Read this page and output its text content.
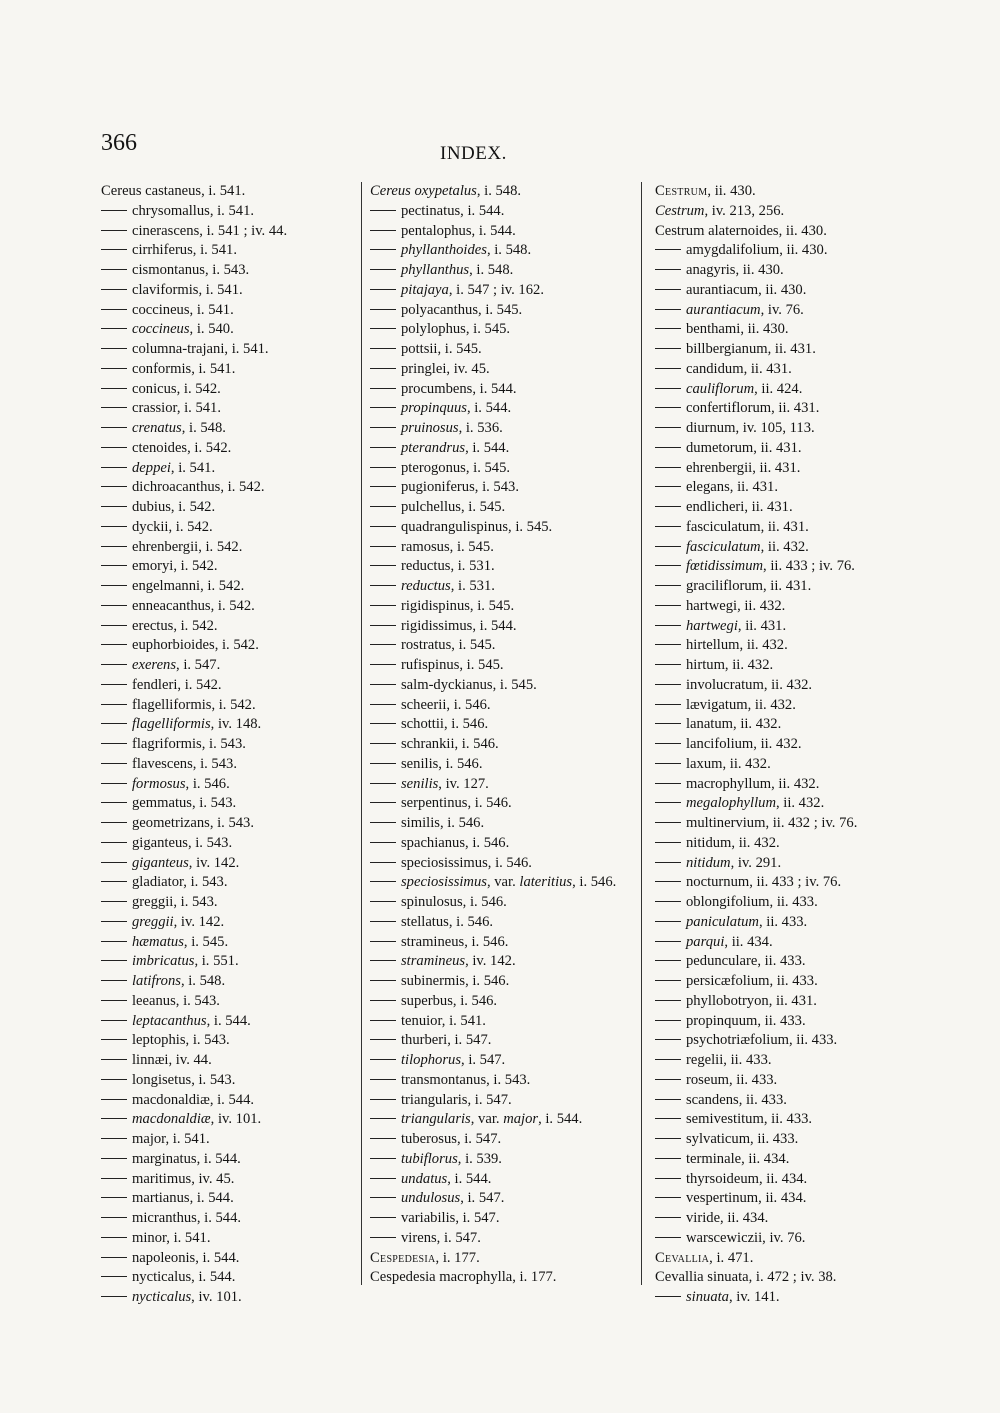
366	INDEX.
Cereus castaneus, i. 541.
chrysomallus, i. 541.
cinerascens, i. 541 ; iv. 44.
cirrhiferus, i. 541.
cismontanus, i. 543.
claviformis, i. 541.
coccineus, i. 541.
coccineus, i. 540.
columna-trajani, i. 541.
conformis, i. 541.
conicus, i. 542.
crassior, i. 541.
crenatus, i. 548.
ctenoides, i. 542.
deppei, i. 541.
dichroacanthus, i. 542.
dubius, i. 542.
dyckii, i. 542.
ehrenbergii, i. 542.
emoryi, i. 542.
engelmanni, i. 542.
enneacanthus, i. 542.
erectus, i. 542.
euphorbioides, i. 542.
exerens, i. 547.
fendleri, i. 542.
flagelliformis, i. 542.
flagelliformis, iv. 148.
flagriformis, i. 543.
flavescens, i. 543.
formosus, i. 546.
gemmatus, i. 543.
geometrizans, i. 543.
giganteus, i. 543.
giganteus, iv. 142.
gladiator, i. 543.
greggii, i. 543.
greggii, iv. 142.
hæmatus, i. 545.
imbricatus, i. 551.
latifrons, i. 548.
leeanus, i. 543.
leptacanthus, i. 544.
leptophis, i. 543.
linnæi, iv. 44.
longisetus, i. 543.
macdonaldiæ, i. 544.
macdonaldiæ, iv. 101.
major, i. 541.
marginatus, i. 544.
maritimus, iv. 45.
martianus, i. 544.
micranthus, i. 544.
minor, i. 541.
napoleonis, i. 544.
nycticalus, i. 544.
nycticalus, iv. 101.
Cereus oxypetalus, i. 548.
pectinatus, i. 544.
pentalophus, i. 544.
phyllanthoides, i. 548.
phyllanthus, i. 548.
pitajaya, i. 547 ; iv. 162.
polyacanthus, i. 545.
polylophus, i. 545.
pottsii, i. 545.
pringlei, iv. 45.
procumbens, i. 544.
propinquus, i. 544.
pruinosus, i. 536.
pterandrus, i. 544.
pterogonus, i. 545.
pugioniferus, i. 543.
pulchellus, i. 545.
quadrangulispinus, i. 545.
ramosus, i. 545.
reductus, i. 531.
reductus, i. 531.
rigidispinus, i. 545.
rigidissimus, i. 544.
rostratus, i. 545.
rufispinus, i. 545.
salm-dyckianus, i. 545.
scheerii, i. 546.
schottii, i. 546.
schrankii, i. 546.
senilis, i. 546.
senilis, iv. 127.
serpentinus, i. 546.
similis, i. 546.
spachianus, i. 546.
speciosissimus, i. 546.
speciosissimus, var. lateritius, i. 546.
spinulosus, i. 546.
stellatus, i. 546.
stramineus, i. 546.
stramineus, iv. 142.
subinermis, i. 546.
superbus, i. 546.
tenuior, i. 541.
thurberi, i. 547.
tilophorus, i. 547.
transmontanus, i. 543.
triangularis, i. 547.
triangularis, var. major, i. 544.
tuberosus, i. 547.
tubiflorus, i. 539.
undatus, i. 544.
undulosus, i. 547.
variabilis, i. 547.
virens, i. 547.
Cespedesia, i. 177.
Cespedesia macrophylla, i. 177.
Cestrum, ii. 430.
Cestrum, iv. 213, 256.
Cestrum alaternoides, ii. 430.
amygdalifolium, ii. 430.
anagyris, ii. 430.
aurantiacum, ii. 430.
aurantiacum, iv. 76.
benthami, ii. 430.
billbergianum, ii. 431.
candidum, ii. 431.
cauliflorum, ii. 424.
confertiflorum, ii. 431.
diurnum, iv. 105, 113.
dumetorum, ii. 431.
ehrenbergii, ii. 431.
elegans, ii. 431.
endlicheri, ii. 431.
fasciculatum, ii. 431.
fasciculatum, ii. 432.
fœtidissimum, ii. 433 ; iv. 76.
graciliflorum, ii. 431.
hartwegi, ii. 432.
hartwegi, ii. 431.
hirtellum, ii. 432.
hirtum, ii. 432.
involucratum, ii. 432.
lævigatum, ii. 432.
lanatum, ii. 432.
lancifolium, ii. 432.
laxum, ii. 432.
macrophyllum, ii. 432.
megalophyllum, ii. 432.
multinervium, ii. 432 ; iv. 76.
nitidum, ii. 432.
nitidum, iv. 291.
nocturnum, ii. 433 ; iv. 76.
oblongifolium, ii. 433.
paniculatum, ii. 433.
parqui, ii. 434.
pedunculare, ii. 433.
persicæfolium, ii. 433.
phyllobotryon, ii. 431.
propinquum, ii. 433.
psychotriæfolium, ii. 433.
regelii, ii. 433.
roseum, ii. 433.
scandens, ii. 433.
semivestitum, ii. 433.
sylvaticum, ii. 433.
terminale, ii. 434.
thyrsoideum, ii. 434.
vespertinum, ii. 434.
viride, ii. 434.
warscewiczii, iv. 76.
Cevallia, i. 471.
Cevallia sinuata, i. 472 ; iv. 38.
sinuata, iv. 141.
